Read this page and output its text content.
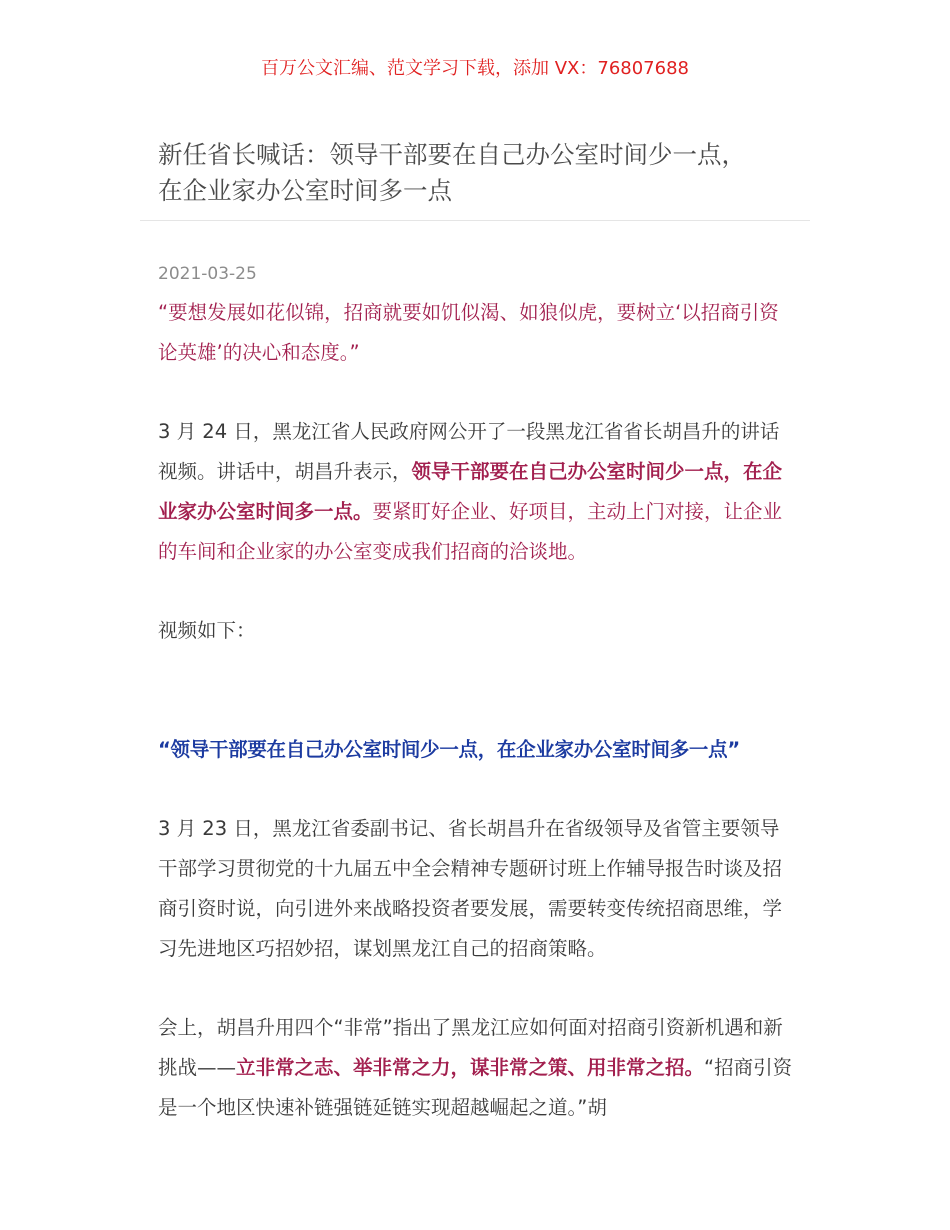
百万公文汇编、范文学习下载，添加 VX：76807688
新任省长喊话：领导干部要在自己办公室时间少一点，
在企业家办公室时间多一点
2021-03-25

“要想发展如花似锦，招商就要如饥似渴、如狼似虎，要树立‘以招商引资论英雄’的决心和态度。”

3 月 24 日，黑龙江省人民政府网公开了一段黑龙江省省长胡昌升的讲话视频。讲话中，胡昌升表示，领导干部要在自己办公室时间少一点，在企业家办公室时间多一点。要紧盯好企业、好项目，主动上门对接，让企业的车间和企业家的办公室变成我们招商的洽谈地。

视频如下：

“领导干部要在自己办公室时间少一点，在企业家办公室时间多一点”

3 月 23 日，黑龙江省委副书记、省长胡昌升在省级领导及省管主要领导干部学习贯彻党的十九届五中全会精神专题研讨班上作辅导报告时谈及招商引资时说，向引进外来战略投资者要发展，需要转变传统招商思维，学习先进地区巧招妙招，谋划黑龙江自己的招商策略。

会上，胡昌升用四个“非常”指出了黑龙江应如何面对招商引资新机遇和新挑战——立非常之志、举非常之力，谋非常之策、用非常之招。“招商引资是一个地区快速补链强链延链实现超越崛起之道。”胡
